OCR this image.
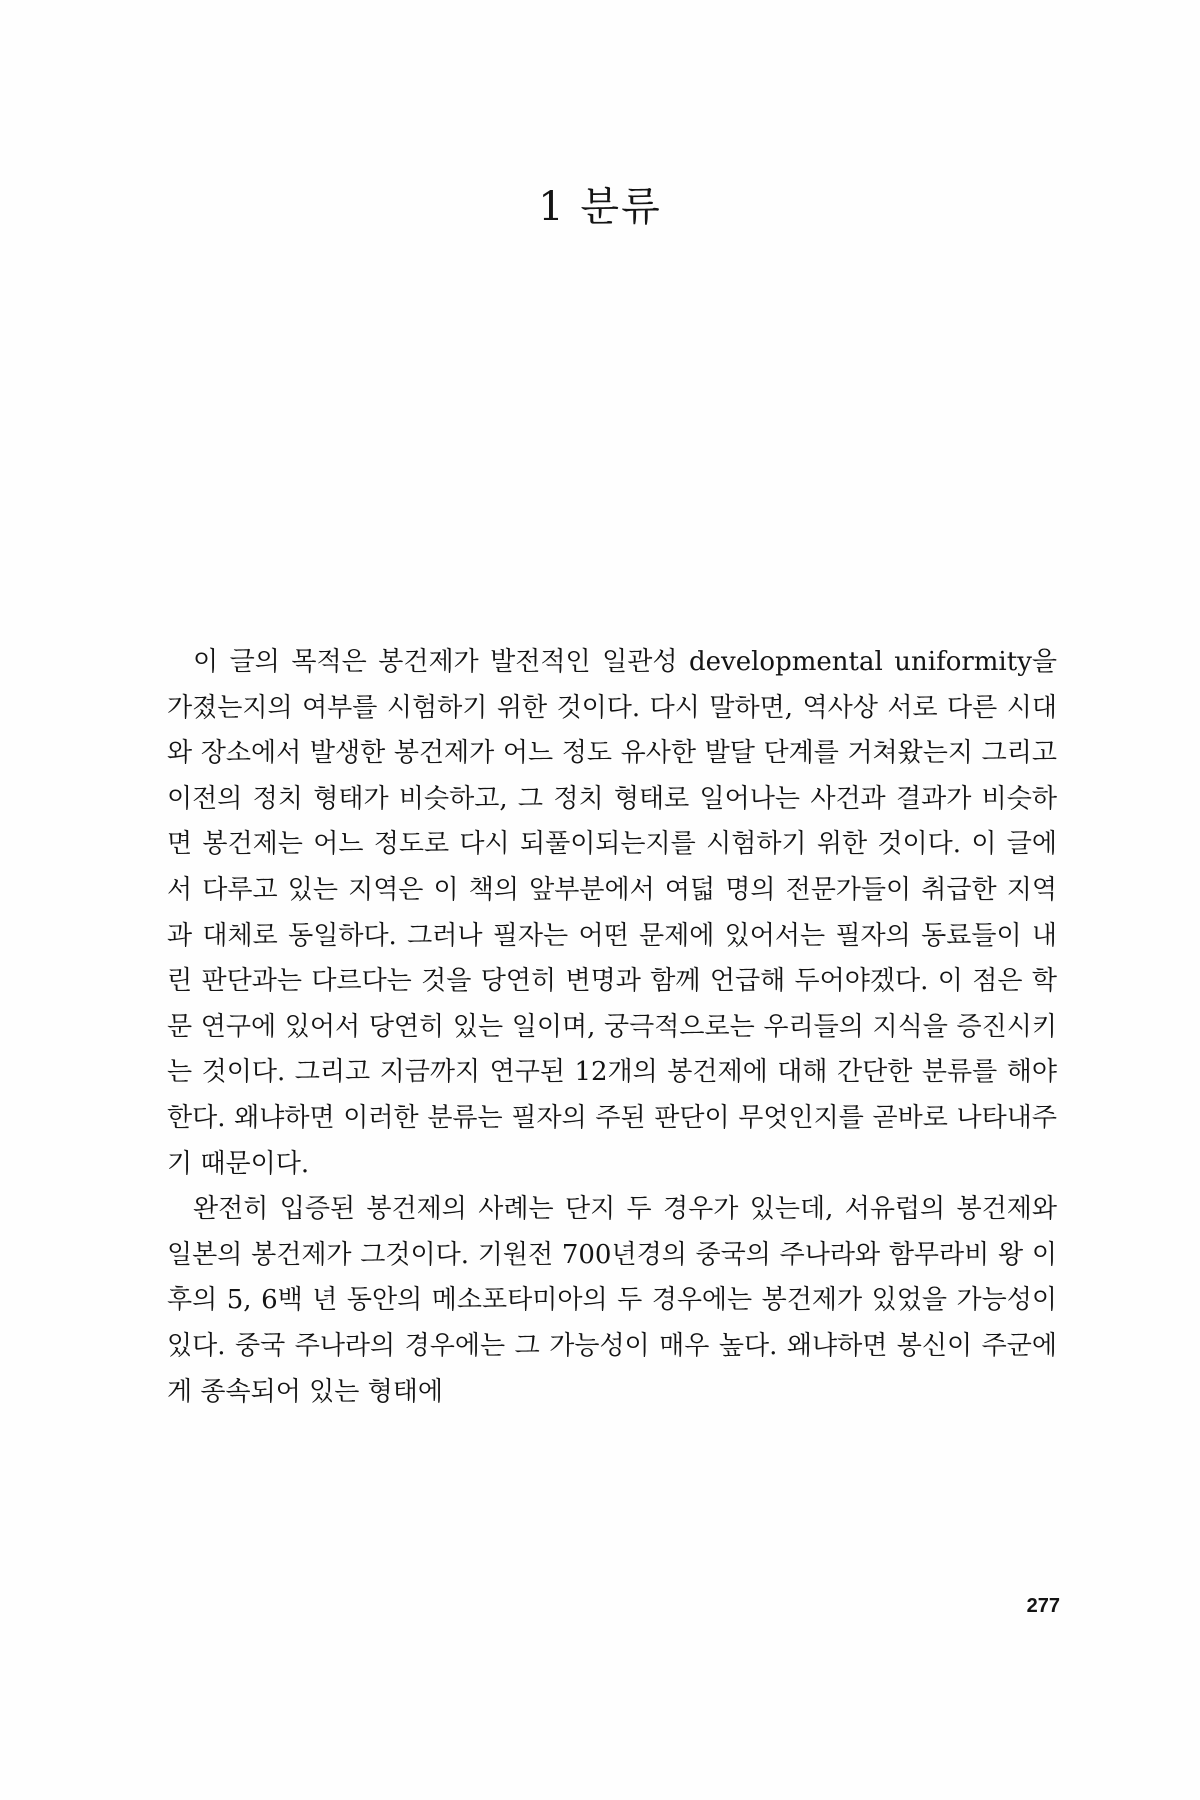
1 분류

이 글의 목적은 봉건제가 발전적인 일관성 developmental uniformity을 가졌는지의 여부를 시험하기 위한 것이다. 다시 말하면, 역사상 서로 다른 시대와 장소에서 발생한 봉건제가 어느 정도 유사한 발달 단계를 거쳐왔는지 그리고 이전의 정치 형태가 비슷하고, 그 정치 형태로 일어나는 사건과 결과가 비슷하면 봉건제는 어느 정도로 다시 되풀이되는지를 시험하기 위한 것이다. 이 글에서 다루고 있는 지역은 이 책의 앞부분에서 여덟 명의 전문가들이 취급한 지역과 대체로 동일하다. 그러나 필자는 어떤 문제에 있어서는 필자의 동료들이 내린 판단과는 다르다는 것을 당연히 변명과 함께 언급해 두어야겠다. 이 점은 학문 연구에 있어서 당연히 있는 일이며, 궁극적으로는 우리들의 지식을 증진시키는 것이다. 그리고 지금까지 연구된 12개의 봉건제에 대해 간단한 분류를 해야 한다. 왜냐하면 이러한 분류는 필자의 주된 판단이 무엇인지를 곧바로 나타내주기 때문이다.

완전히 입증된 봉건제의 사례는 단지 두 경우가 있는데, 서유럽의 봉건제와 일본의 봉건제가 그것이다. 기원전 700년경의 중국의 주나라와 함무라비 왕 이후의 5, 6백 년 동안의 메소포타미아의 두 경우에는 봉건제가 있었을 가능성이 있다. 중국 주나라의 경우에는 그 가능성이 매우 높다. 왜냐하면 봉신이 주군에게 종속되어 있는 형태에

277
